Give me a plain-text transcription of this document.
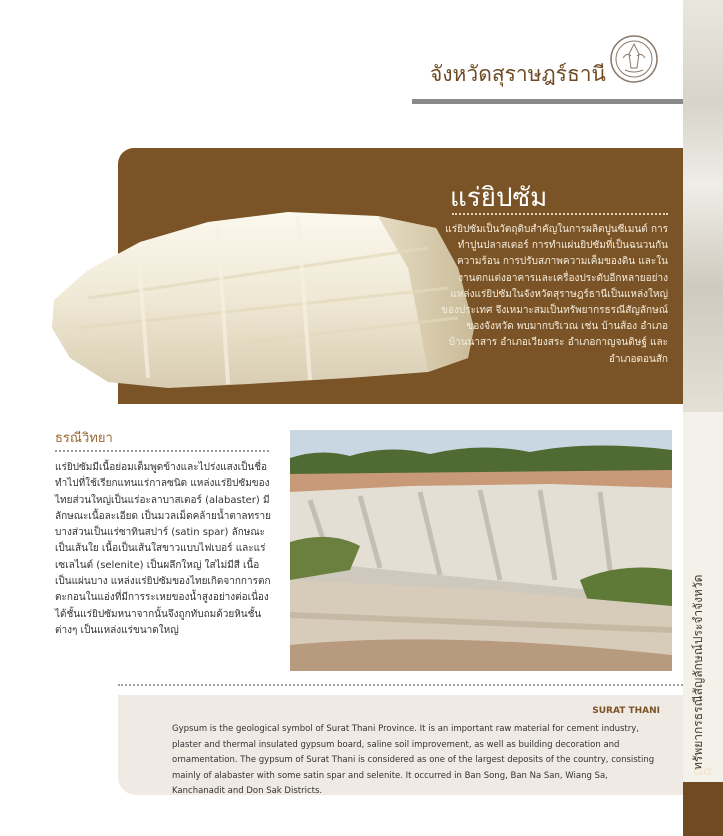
ทรัพยากรธรณีสัญลักษณ์ประจำจังหวัด
๘๕
จังหวัดสุราษฎร์ธานี
แร่ยิปซัม
แร่ยิปซัมเป็นวัตถุดิบสำคัญในการผลิตปูนซีเมนต์ การทำปูนปลาสเตอร์ การทำแผ่นยิปซัมที่เป็นฉนวนกันความร้อน การปรับสภาพความเค็มของดิน และในงานตกแต่งอาคารและเครื่องประดับอีกหลายอย่าง แหล่งแร่ยิปซัมในจังหวัดสุราษฎร์ธานีเป็นแหล่งใหญ่ของประเทศ จึงเหมาะสมเป็นทรัพยากรธรณีสัญลักษณ์ของจังหวัด พบมากบริเวณ เช่น บ้านส้อง อำเภอบ้านนาสาร อำเภอเวียงสระ อำเภอกาญจนดิษฐ์ และอำเภอดอนสัก
ธรณีวิทยา
แร่ยิปซัมมีเนื้อย่อมเต็มพูดข้างและไปร่งแสงเป็นชื่อทำไปที่ใช้เรียกแทนแร่กาลซนิด แหล่งแร่ยิปซัมของไทยส่วนใหญ่เป็นแร่อะลาบาสเตอร์ (alabaster) มีลักษณะเนื้อละเอียด เป็นมวลเม็ดคล้ายน้ำตาลทรายบางส่วนเป็นแร่ซาทินสปาร์ (satin spar) ลักษณะเป็นเส้นใย เนื้อเป็นเส้นใสขาวแบบไฟเบอร์ และแร่เซเลไนต์ (selenite) เป็นผลึกใหญ่ ใสไม่มีสี เนื้อเป็นแผ่นบาง แหล่งแร่ยิปซัมของไทยเกิดจากการตกตะกอนในแอ่งที่มีการระเหยของน้ำสูงอย่างต่อเนื่อง ได้ชั้นแร่ยิปซัมหนาจากนั้นจึงถูกทับถมด้วยหินชั้นต่างๆ เป็นแหล่งแร่ขนาดใหญ่
SURAT THANI
Gypsum is the geological symbol of Surat Thani Province. It is an important raw material for cement industry, plaster and thermal insulated gypsum board, saline soil improvement, as well as building decoration and ornamentation. The gypsum of Surat Thani is considered as one of the largest deposits of the country, consisting mainly of alabaster with some satin spar and selenite. It occurred in Ban Song, Ban Na San, Wiang Sa, Kanchanadit and Don Sak Districts.
